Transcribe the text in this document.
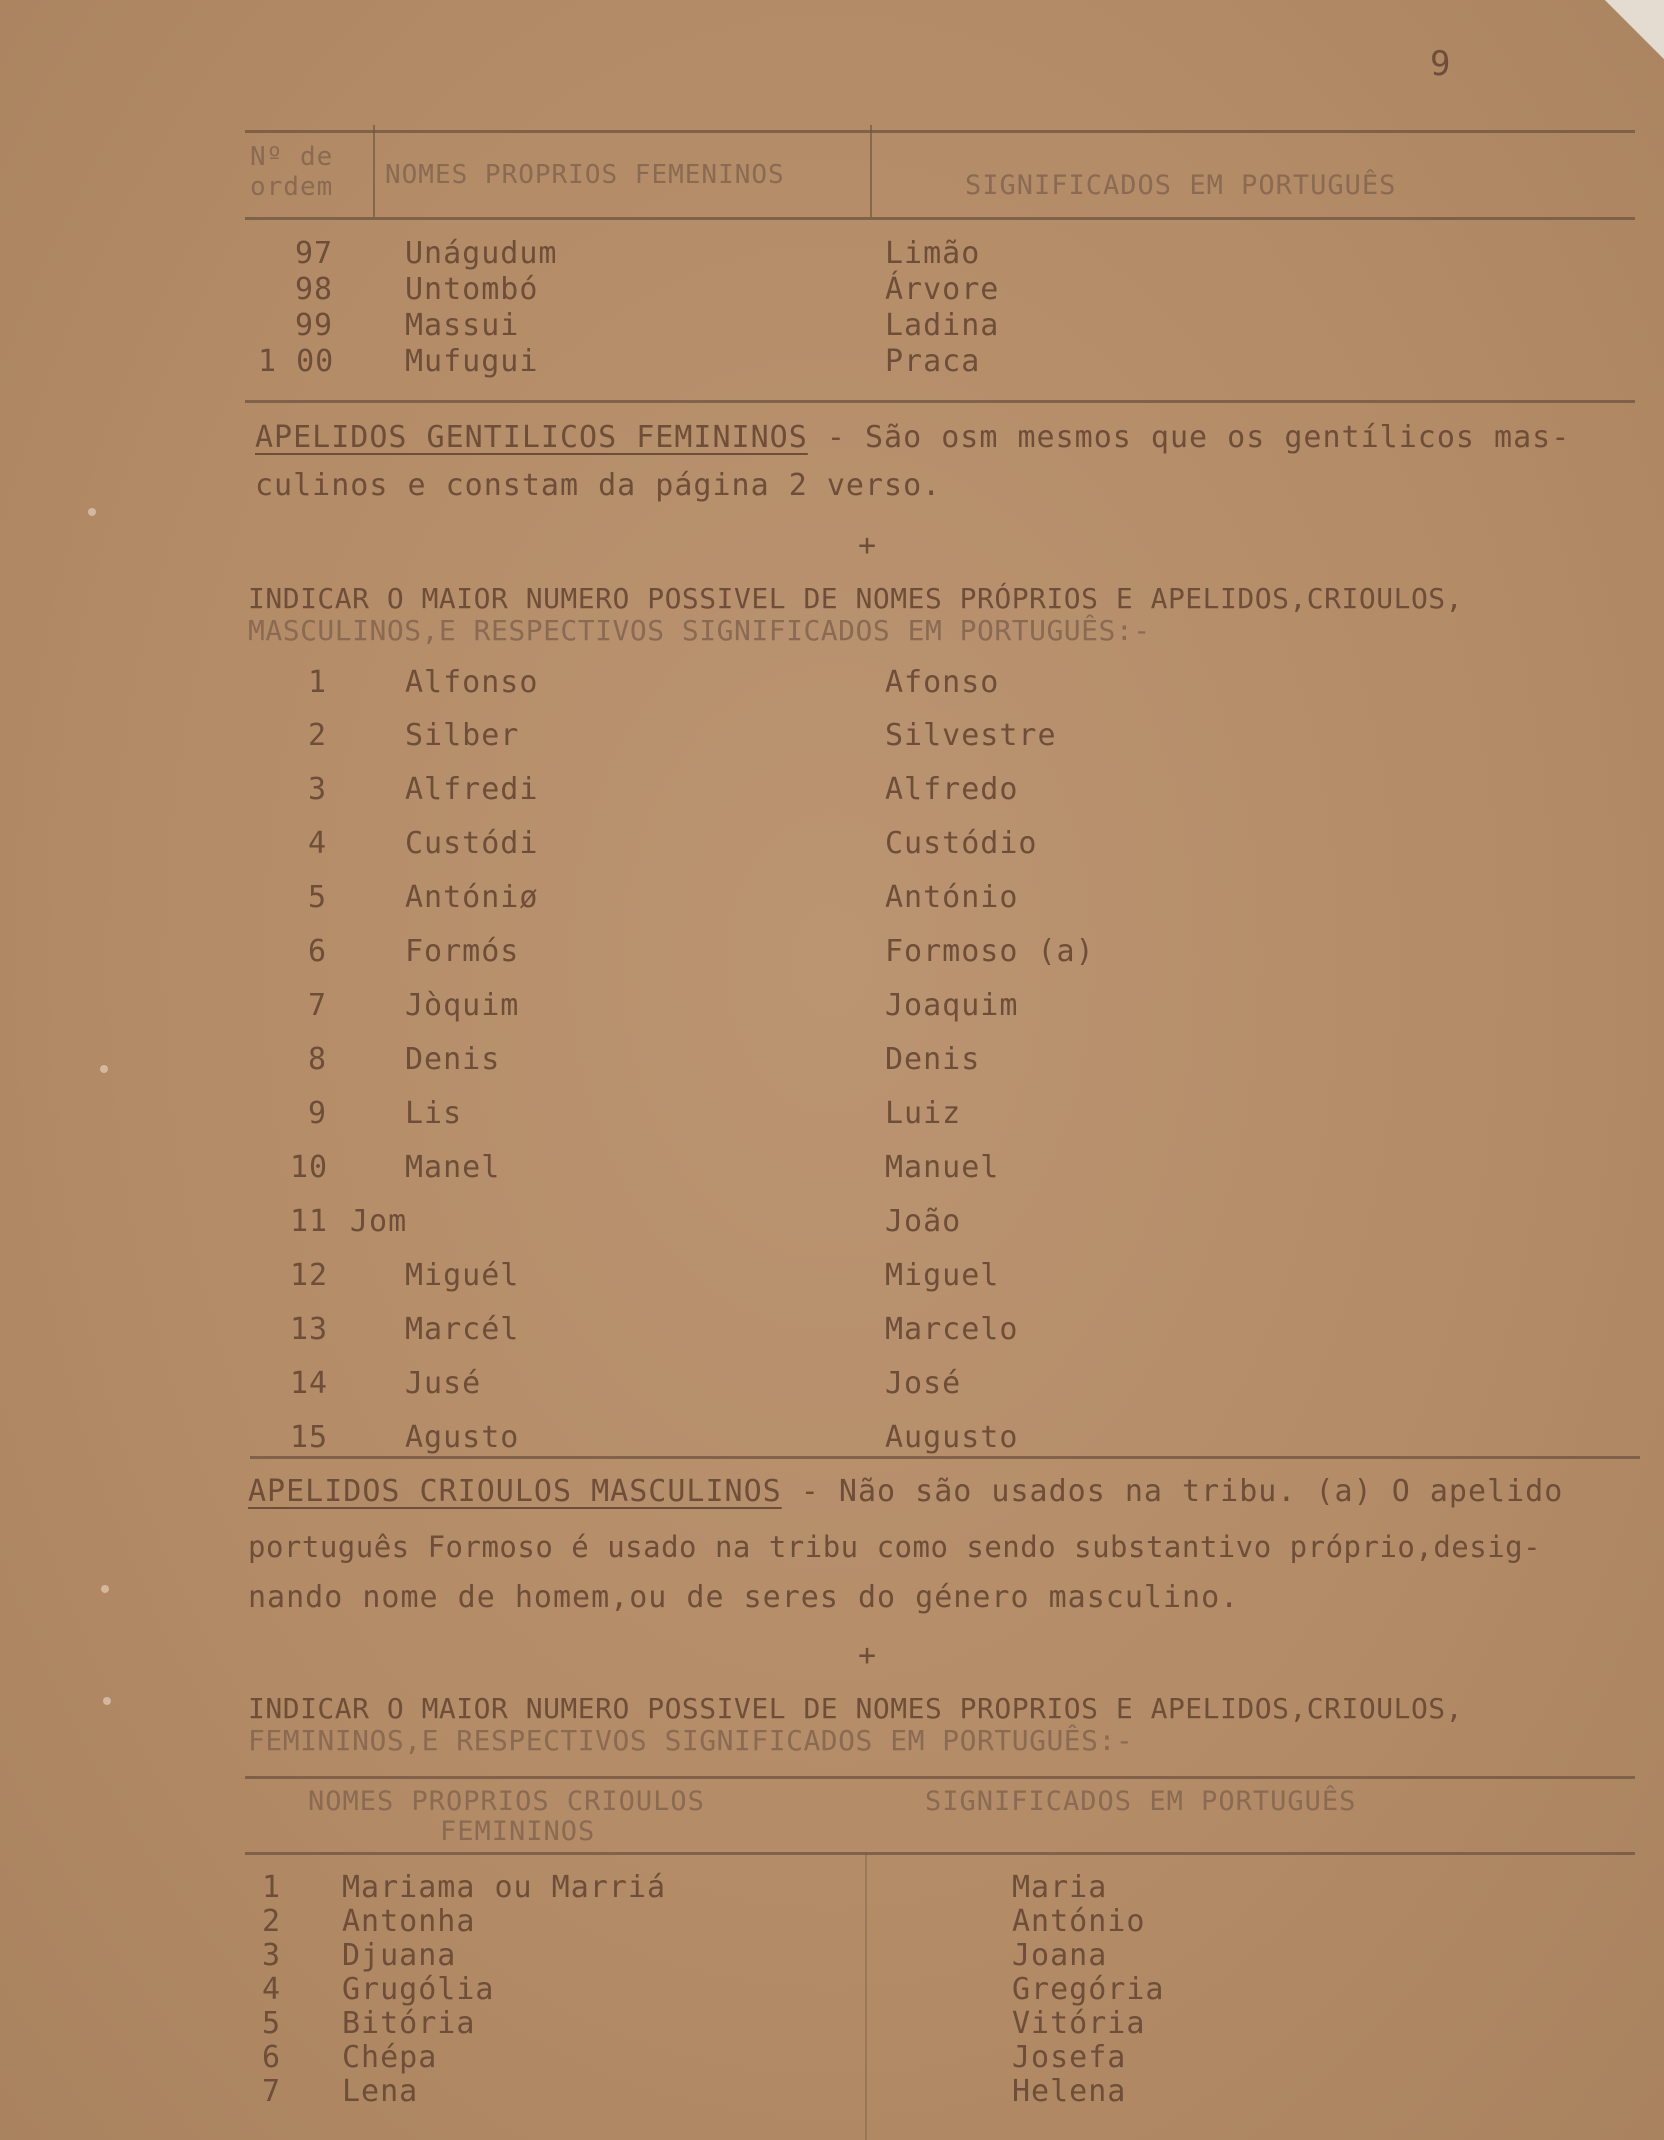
9
Nº de ordem	NOMES PROPRIOS FEMENINOS	SIGNIFICADOS EM PORTUGUÊS
97 Unágudum	Limão
98 Untombó	Árvore
99 Massui	Ladina
1 00 Mufugui	Praca
APELIDOS GENTILICOS FEMININOS - São osm mesmos que os gentílicos mas-
culinos e constam da página 2 verso.
+
INDICAR O MAIOR NUMERO POSSIVEL DE NOMES PRÓPRIOS E APELIDOS,CRIOULOS,
MASCULINOS,E RESPECTIVOS SIGNIFICADOS EM PORTUGUÊS:-
1	Alfonso	Afonso
2	Silber	Silvestre
3	Alfredi	Alfredo
4	Custódi	Custódio
5	Antóniø	António
6	Formós	Formoso (a)
7	Jòquim	Joaquim
8	Denis	Denis
9	Lis	Luiz
10	Manel	Manuel
11 Jom	João
12	Miguél	Miguel
13	Marcél	Marcelo
14	Jusé	José
15	Agusto	Augusto
APELIDOS CRIOULOS MASCULINOS - Não são usados na tribu. (a) O apelido
português Formoso é usado na tribu como sendo substantivo próprio,desig-
nando nome de homem,ou de seres do género masculino.
+
INDICAR O MAIOR NUMERO POSSIVEL DE NOMES PROPRIOS E APELIDOS,CRIOULOS,
FEMININOS,E RESPECTIVOS SIGNIFICADOS EM PORTUGUÊS:-
NOMES PROPRIOS CRIOULOS
FEMININOS
SIGNIFICADOS EM PORTUGUÊS
1 Mariama ou Marriá	Maria
2 Antonha	António
3 Djuana	Joana
4 Grugólia	Gregória
5 Bitória	Vitória
6 Chépa	Josefa
7 Lena	Helena
